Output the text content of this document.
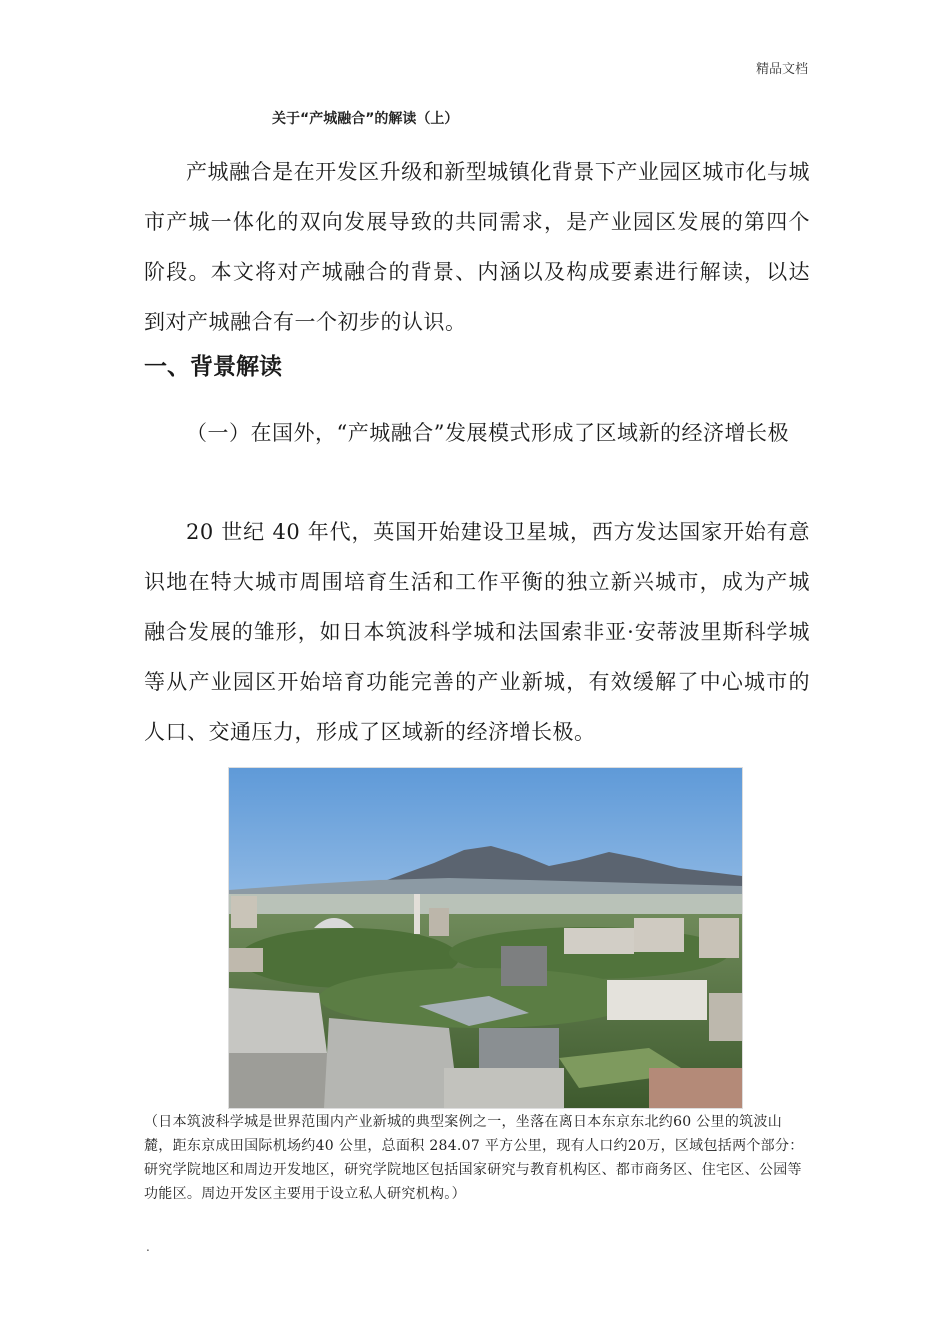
精品文档
关于“产城融合”的解读（上）

产城融合是在开发区升级和新型城镇化背景下产业园区城市化与城市产城一体化的双向发展导致的共同需求，是产业园区发展的第四个阶段。本文将对产城融合的背景、内涵以及构成要素进行解读，以达到对产城融合有一个初步的认识。

一、背景解读

（一）在国外，“产城融合”发展模式形成了区域新的经济增长极

20 世纪 40 年代，英国开始建设卫星城，西方发达国家开始有意识地在特大城市周围培育生活和工作平衡的独立新兴城市，成为产城融合发展的雏形，如日本筑波科学城和法国索非亚·安蒂波里斯科学城等从产业园区开始培育功能完善的产业新城，有效缓解了中心城市的人口、交通压力，形成了区域新的经济增长极。

（日本筑波科学城是世界范围内产业新城的典型案例之一，坐落在离日本东京东北约60 公里的筑波山麓，距东京成田国际机场约40 公里，总面积 284.07 平方公里，现有人口约20万，区域包括两个部分：研究学院地区和周边开发地区，研究学院地区包括国家研究与教育机构区、都市商务区、住宅区、公园等功能区。周边开发区主要用于设立私人研究机构。）

.
